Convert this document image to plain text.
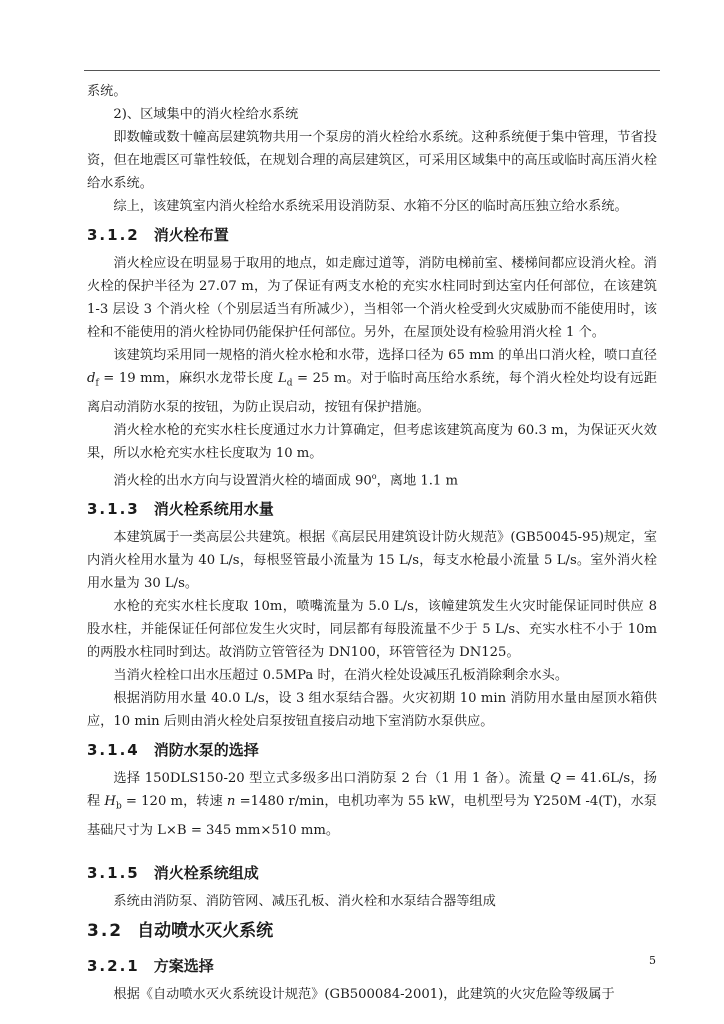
系统。

2)、区域集中的消火栓给水系统

即数幢或数十幢高层建筑物共用一个泵房的消火栓给水系统。这种系统便于集中管理，节省投资，但在地震区可靠性较低，在规划合理的高层建筑区，可采用区域集中的高压或临时高压消火栓给水系统。

综上，该建筑室内消火栓给水系统采用设消防泵、水箱不分区的临时高压独立给水系统。

3.1.2 消火栓布置

消火栓应设在明显易于取用的地点，如走廊过道等，消防电梯前室、楼梯间都应设消火栓。消火栓的保护半径为 27.07 m，为了保证有两支水枪的充实水柱同时到达室内任何部位，在该建筑 1-3 层设 3 个消火栓（个别层适当有所减少），当相邻一个消火栓受到火灾威胁而不能使用时，该栓和不能使用的消火栓协同仍能保护任何部位。另外，在屋顶处设有检验用消火栓 1 个。

该建筑均采用同一规格的消火栓水枪和水带，选择口径为 65 mm 的单出口消火栓，喷口直径 $d_f = 19$ mm，麻织水龙带长度 $L_d = 25$ m。对于临时高压给水系统，每个消火栓处均设有远距离启动消防水泵的按钮，为防止误启动，按钮有保护措施。

消火栓水枪的充实水柱长度通过水力计算确定，但考虑该建筑高度为 60.3 m，为保证灭火效果，所以水枪充实水柱长度取为 10 m。

消火栓的出水方向与设置消火栓的墙面成 90$^o$，离地 1.1 m

3.1.3 消火栓系统用水量

本建筑属于一类高层公共建筑。根据《高层民用建筑设计防火规范》(GB50045-95)规定，室内消火栓用水量为 40 L/s，每根竖管最小流量为 15 L/s，每支水枪最小流量 5 L/s。室外消火栓用水量为 30 L/s。

水枪的充实水柱长度取 10m，喷嘴流量为 5.0 L/s，该幢建筑发生火灾时能保证同时供应 8 股水柱，并能保证任何部位发生火灾时，同层都有每股流量不少于 5 L/s、充实水柱不小于 10m 的两股水柱同时到达。故消防立管管径为 DN100，环管管径为 DN125。

当消火栓栓口出水压超过 0.5MPa 时，在消火栓处设减压孔板消除剩余水头。

根据消防用水量 40.0 L/s，设 3 组水泵结合器。火灾初期 10 min 消防用水量由屋顶水箱供应，10 min 后则由消火栓处启泵按钮直接启动地下室消防水泵供应。

3.1.4 消防水泵的选择

选择 150DLS150-20 型立式多级多出口消防泵 2 台（1 用 1 备）。流量 Q = 41.6L/s，扬程 $H_b = 120$ m，转速 n =1480 r/min，电机功率为 55 kW，电机型号为 Y250M -4(T)，水泵基础尺寸为 L×B = 345 mm×510 mm。

3.1.5 消火栓系统组成

系统由消防泵、消防管网、减压孔板、消火栓和水泵结合器等组成

3.2 自动喷水灭火系统
3.2.1 方案选择

根据《自动喷水灭火系统设计规范》(GB500084-2001)，此建筑的火灾危险等级属于

5
